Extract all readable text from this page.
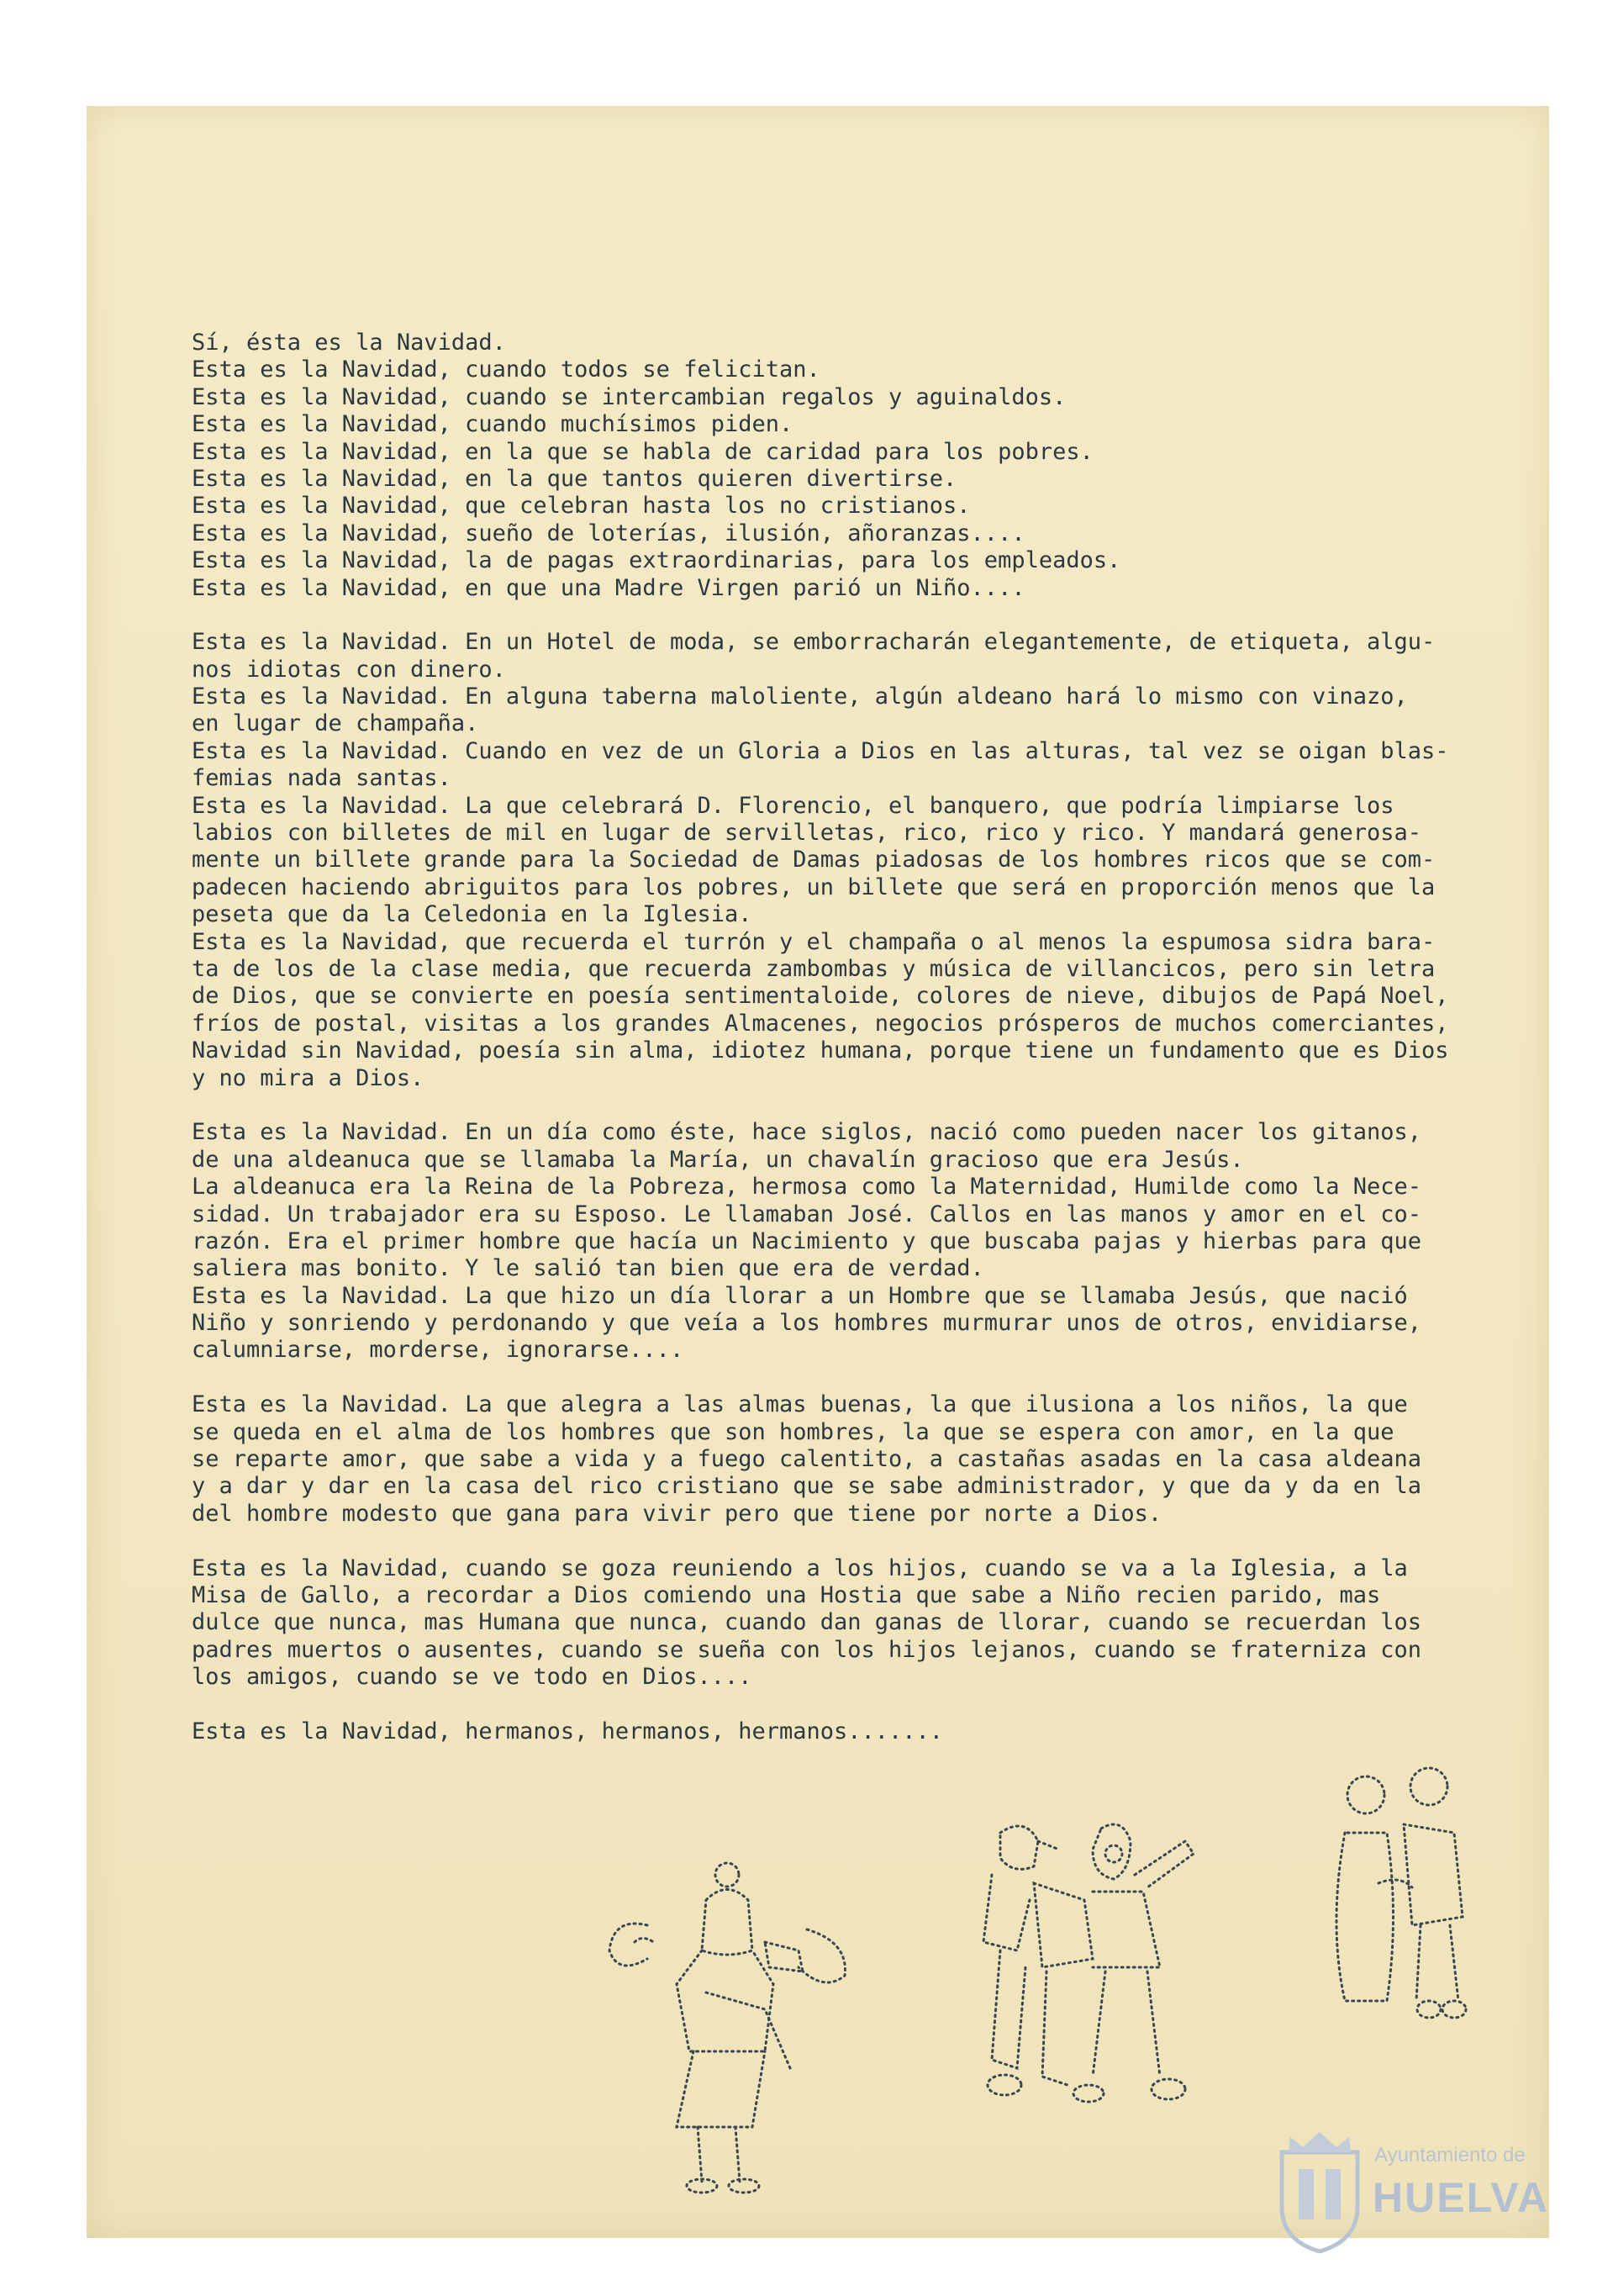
Sí, ésta es la Navidad.
Esta es la Navidad, cuando todos se felicitan.
Esta es la Navidad, cuando se intercambian regalos y aguinaldos.
Esta es la Navidad, cuando muchísimos piden.
Esta es la Navidad, en la que se habla de caridad para los pobres.
Esta es la Navidad, en la que tantos quieren divertirse.
Esta es la Navidad, que celebran hasta los no cristianos.
Esta es la Navidad, sueño de loterías, ilusión, añoranzas....
Esta es la Navidad, la de pagas extraordinarias, para los empleados.
Esta es la Navidad, en que una Madre Virgen parió un Niño....
Esta es la Navidad. En un Hotel de moda, se emborracharán elegantemente, de etiqueta, algu-
nos idiotas con dinero.
Esta es la Navidad. En alguna taberna maloliente, algún aldeano hará lo mismo con vinazo,
en lugar de champaña.
Esta es la Navidad. Cuando en vez de un Gloria a Dios en las alturas, tal vez se oigan blas-
femias nada santas.
Esta es la Navidad. La que celebrará D. Florencio, el banquero, que podría limpiarse los
labios con billetes de mil en lugar de servilletas, rico, rico y rico. Y mandará generosa-
mente un billete grande para la Sociedad de Damas piadosas de los hombres ricos que se com-
padecen haciendo abriguitos para los pobres, un billete que será en proporción menos que la
peseta que da la Celedonia en la Iglesia.
Esta es la Navidad, que recuerda el turrón y el champaña o al menos la espumosa sidra bara-
ta de los de la clase media, que recuerda zambombas y música de villancicos, pero sin letra
de Dios, que se convierte en poesía sentimentaloide, colores de nieve, dibujos de Papá Noel,
fríos de postal, visitas a los grandes Almacenes, negocios prósperos de muchos comerciantes,
Navidad sin Navidad, poesía sin alma, idiotez humana, porque tiene un fundamento que es Dios
y no mira a Dios.
Esta es la Navidad. En un día como éste, hace siglos, nació como pueden nacer los gitanos,
de una aldeanuca que se llamaba la María, un chavalín gracioso que era Jesús.
La aldeanuca era la Reina de la Pobreza, hermosa como la Maternidad, Humilde como la Nece-
sidad. Un trabajador era su Esposo. Le llamaban José. Callos en las manos y amor en el co-
razón. Era el primer hombre que hacía un Nacimiento y que buscaba pajas y hierbas para que
saliera mas bonito. Y le salió tan bien que era de verdad.
Esta es la Navidad. La que hizo un día llorar a un Hombre que se llamaba Jesús, que nació
Niño y sonriendo y perdonando y que veía a los hombres murmurar unos de otros, envidiarse,
calumniarse, morderse, ignorarse....
Esta es la Navidad. La que alegra a las almas buenas, la que ilusiona a los niños, la que
se queda en el alma de los hombres que son hombres, la que se espera con amor, en la que
se reparte amor, que sabe a vida y a fuego calentito, a castañas asadas en la casa aldeana
y a dar y dar en la casa del rico cristiano que se sabe administrador, y que da y da en la
del hombre modesto que gana para vivir pero que tiene por norte a Dios.
Esta es la Navidad, cuando se goza reuniendo a los hijos, cuando se va a la Iglesia, a la
Misa de Gallo, a recordar a Dios comiendo una Hostia que sabe a Niño recien parido, mas
dulce que nunca, mas Humana que nunca, cuando dan ganas de llorar, cuando se recuerdan los
padres muertos o ausentes, cuando se sueña con los hijos lejanos, cuando se fraterniza con
los amigos, cuando se ve todo en Dios....
Esta es la Navidad, hermanos, hermanos, hermanos.......
Ayuntamiento de
HUELVA
